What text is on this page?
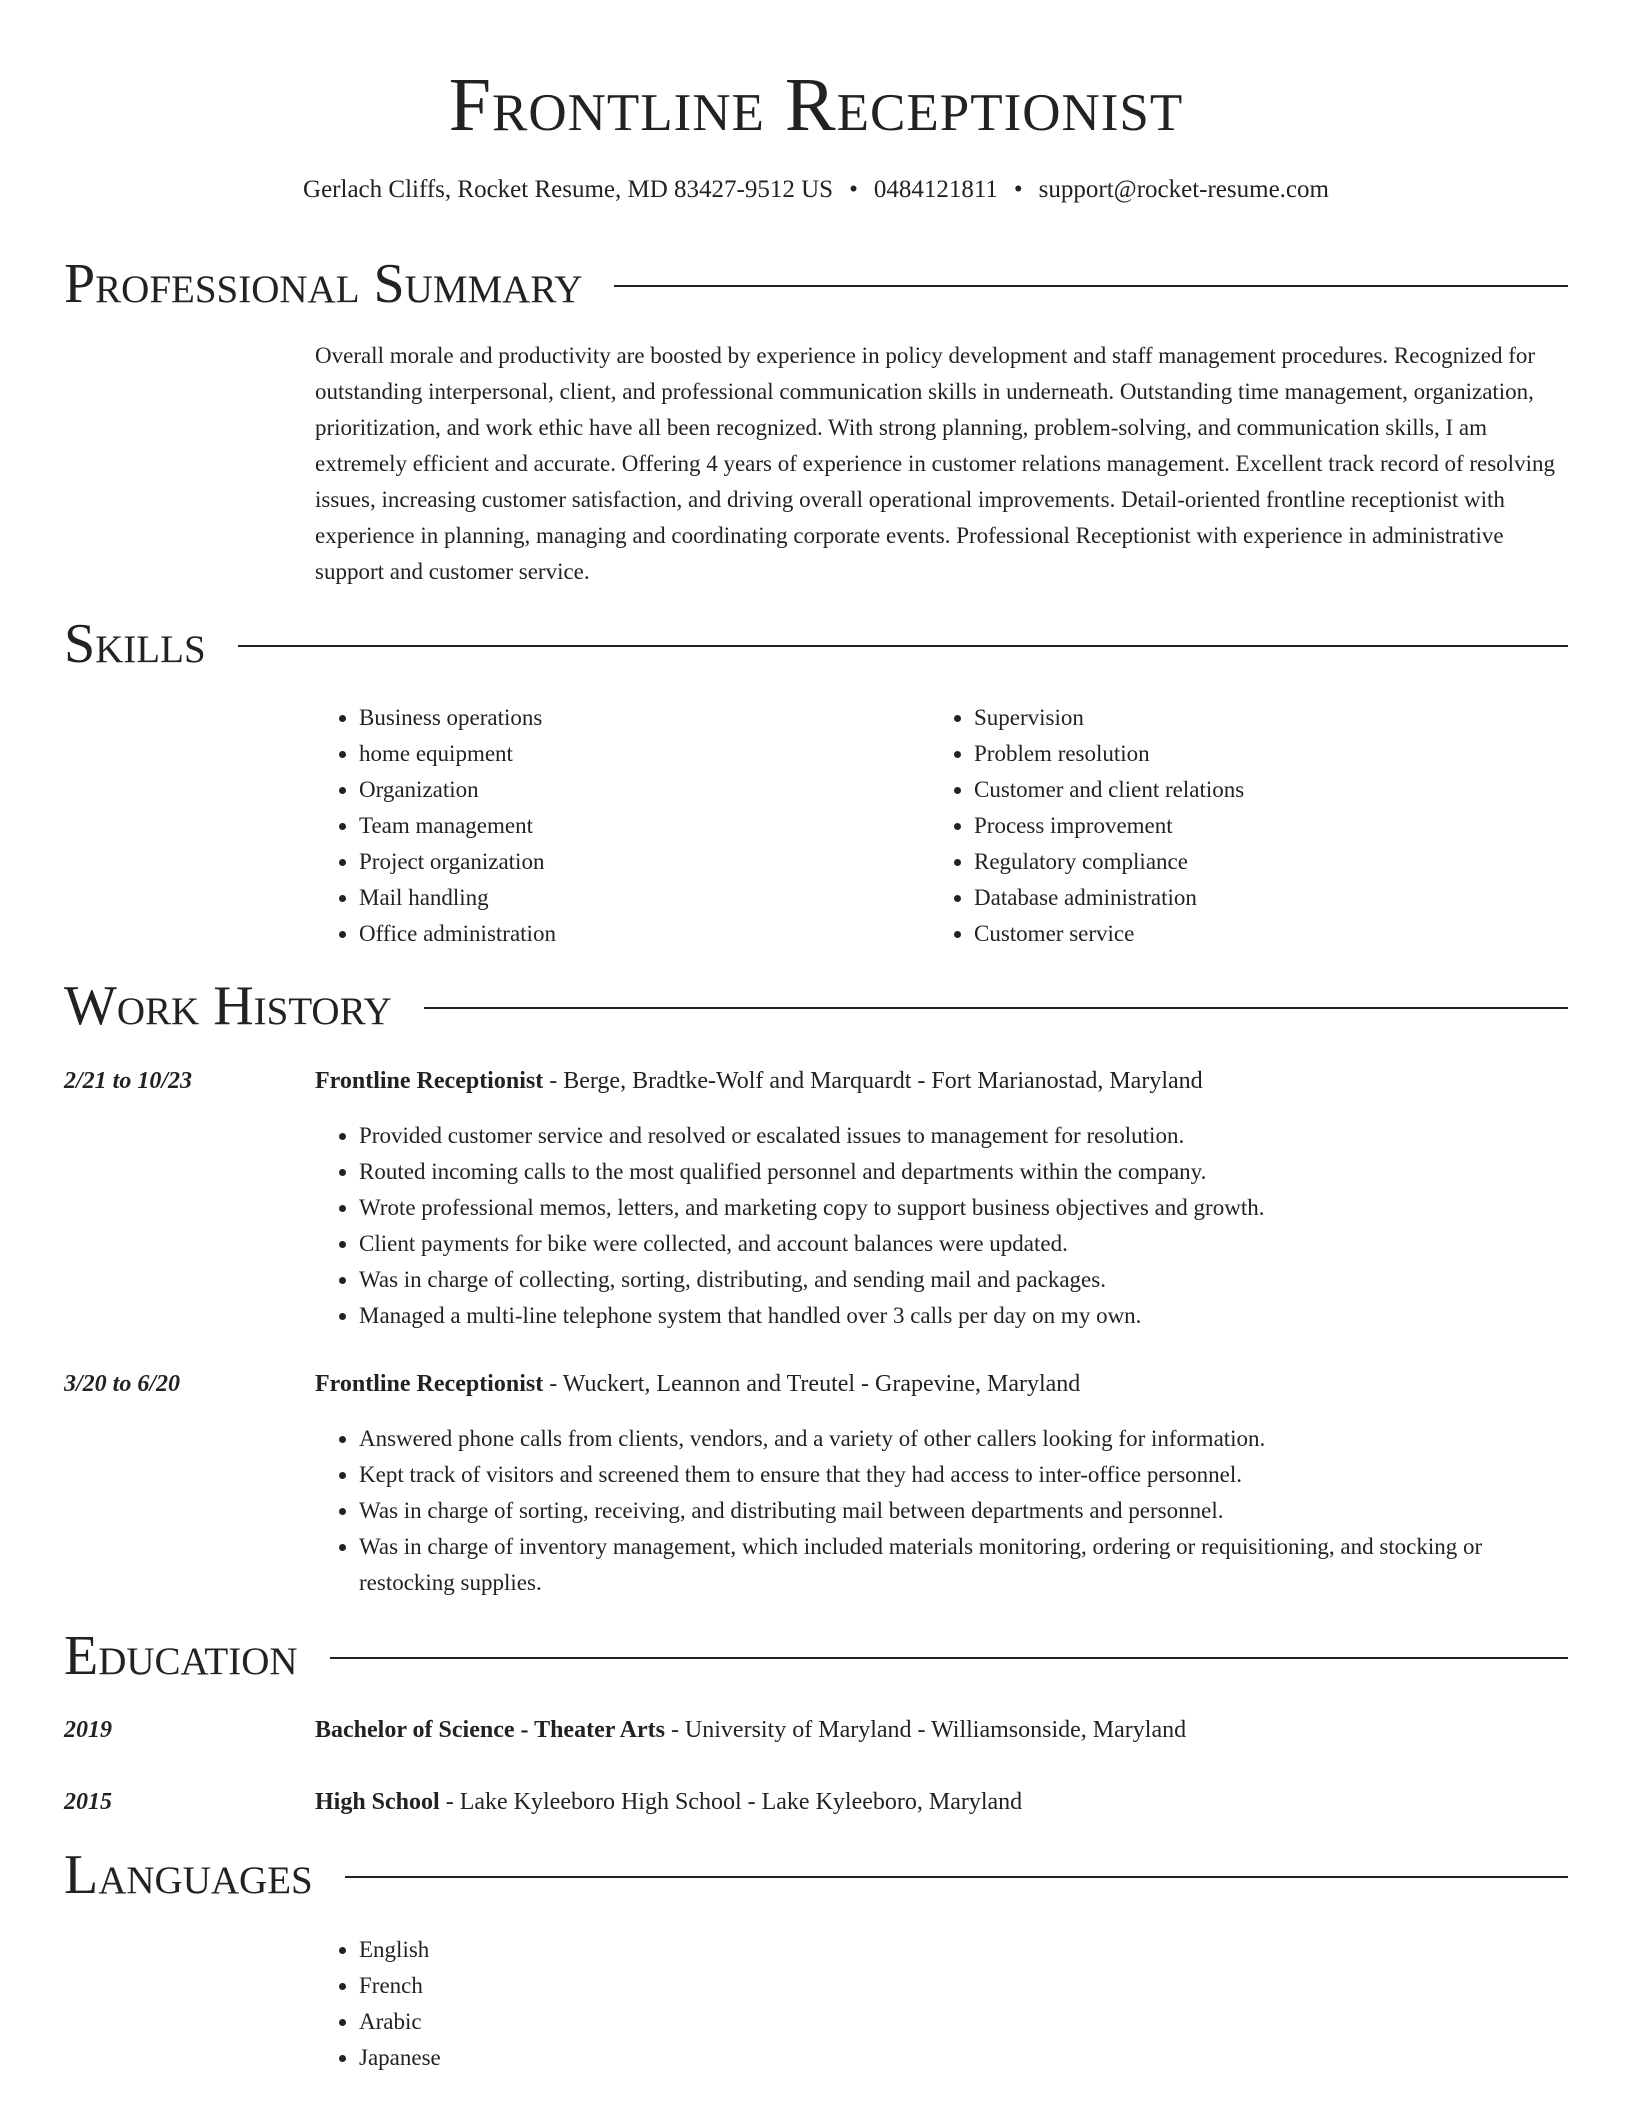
Frontline Receptionist
Gerlach Cliffs, Rocket Resume, MD 83427-9512 US • 0484121811 • support@rocket-resume.com
Professional Summary
Overall morale and productivity are boosted by experience in policy development and staff management procedures. Recognized for outstanding interpersonal, client, and professional communication skills in underneath. Outstanding time management, organization, prioritization, and work ethic have all been recognized. With strong planning, problem-solving, and communication skills, I am extremely efficient and accurate. Offering 4 years of experience in customer relations management. Excellent track record of resolving issues, increasing customer satisfaction, and driving overall operational improvements. Detail-oriented frontline receptionist with experience in planning, managing and coordinating corporate events. Professional Receptionist with experience in administrative support and customer service.
Skills
• Business operations
• home equipment
• Organization
• Team management
• Project organization
• Mail handling
• Office administration
• Supervision
• Problem resolution
• Customer and client relations
• Process improvement
• Regulatory compliance
• Database administration
• Customer service
Work History
2/21 to 10/23	Frontline Receptionist - Berge, Bradtke-Wolf and Marquardt - Fort Marianostad, Maryland
• Provided customer service and resolved or escalated issues to management for resolution.
• Routed incoming calls to the most qualified personnel and departments within the company.
• Wrote professional memos, letters, and marketing copy to support business objectives and growth.
• Client payments for bike were collected, and account balances were updated.
• Was in charge of collecting, sorting, distributing, and sending mail and packages.
• Managed a multi-line telephone system that handled over 3 calls per day on my own.
3/20 to 6/20	Frontline Receptionist - Wuckert, Leannon and Treutel - Grapevine, Maryland
• Answered phone calls from clients, vendors, and a variety of other callers looking for information.
• Kept track of visitors and screened them to ensure that they had access to inter-office personnel.
• Was in charge of sorting, receiving, and distributing mail between departments and personnel.
• Was in charge of inventory management, which included materials monitoring, ordering or requisitioning, and stocking or restocking supplies.
Education
2019	Bachelor of Science - Theater Arts - University of Maryland - Williamsonside, Maryland
2015	High School - Lake Kyleeboro High School - Lake Kyleeboro, Maryland
Languages
• English
• French
• Arabic
• Japanese
